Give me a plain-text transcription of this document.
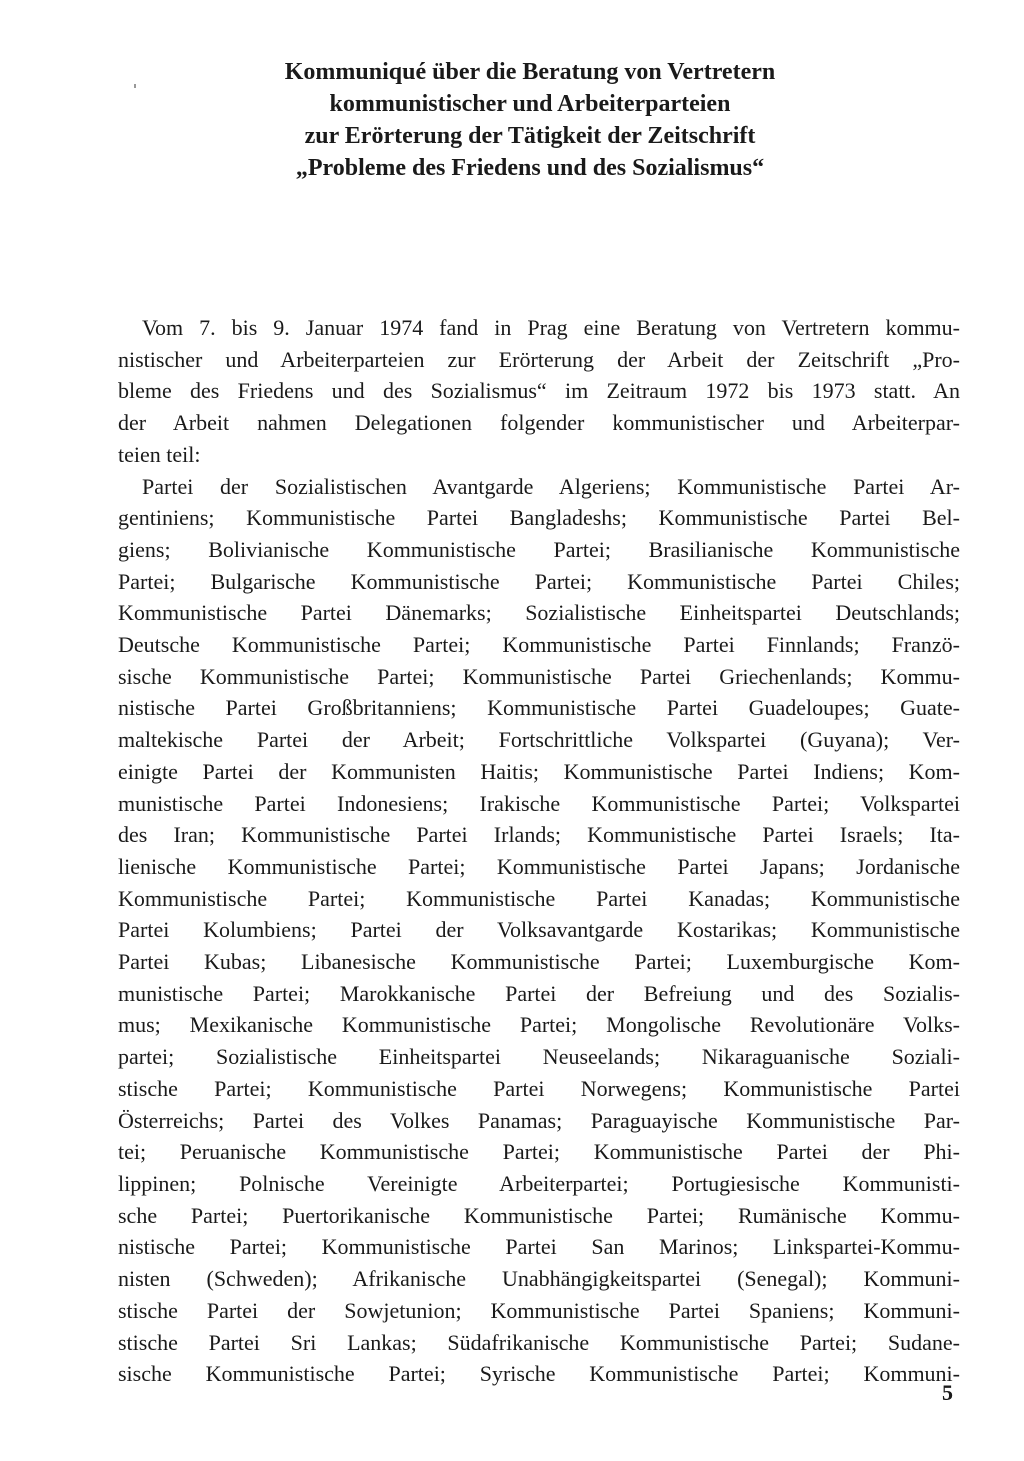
Kommuniqué über die Beratung von Vertretern
kommunistischer und Arbeiterparteien
zur Erörterung der Tätigkeit der Zeitschrift
„Probleme des Friedens und des Sozialismus“
Vom 7. bis 9. Januar 1974 fand in Prag eine Beratung von Vertretern kommu-
nistischer und Arbeiterparteien zur Erörterung der Arbeit der Zeitschrift „Pro-
bleme des Friedens und des Sozialismus“ im Zeitraum 1972 bis 1973 statt. An
der Arbeit nahmen Delegationen folgender kommunistischer und Arbeiterpar-
teien teil:
Partei der Sozialistischen Avantgarde Algeriens; Kommunistische Partei Ar-
gentiniens; Kommunistische Partei Bangladeshs; Kommunistische Partei Bel-
giens; Bolivianische Kommunistische Partei; Brasilianische Kommunistische
Partei; Bulgarische Kommunistische Partei; Kommunistische Partei Chiles;
Kommunistische Partei Dänemarks; Sozialistische Einheitspartei Deutschlands;
Deutsche Kommunistische Partei; Kommunistische Partei Finnlands; Franzö-
sische Kommunistische Partei; Kommunistische Partei Griechenlands; Kommu-
nistische Partei Großbritanniens; Kommunistische Partei Guadeloupes; Guate-
maltekische Partei der Arbeit; Fortschrittliche Volkspartei (Guyana); Ver-
einigte Partei der Kommunisten Haitis; Kommunistische Partei Indiens; Kom-
munistische Partei Indonesiens; Irakische Kommunistische Partei; Volkspartei
des Iran; Kommunistische Partei Irlands; Kommunistische Partei Israels; Ita-
lienische Kommunistische Partei; Kommunistische Partei Japans; Jordanische
Kommunistische Partei; Kommunistische Partei Kanadas; Kommunistische
Partei Kolumbiens; Partei der Volksavantgarde Kostarikas; Kommunistische
Partei Kubas; Libanesische Kommunistische Partei; Luxemburgische Kom-
munistische Partei; Marokkanische Partei der Befreiung und des Sozialis-
mus; Mexikanische Kommunistische Partei; Mongolische Revolutionäre Volks-
partei; Sozialistische Einheitspartei Neuseelands; Nikaraguanische Soziali-
stische Partei; Kommunistische Partei Norwegens; Kommunistische Partei
Österreichs; Partei des Volkes Panamas; Paraguayische Kommunistische Par-
tei; Peruanische Kommunistische Partei; Kommunistische Partei der Phi-
lippinen; Polnische Vereinigte Arbeiterpartei; Portugiesische Kommunisti-
sche Partei; Puertorikanische Kommunistische Partei; Rumänische Kommu-
nistische Partei; Kommunistische Partei San Marinos; Linkspartei-Kommu-
nisten (Schweden); Afrikanische Unabhängigkeitspartei (Senegal); Kommuni-
stische Partei der Sowjetunion; Kommunistische Partei Spaniens; Kommuni-
stische Partei Sri Lankas; Südafrikanische Kommunistische Partei; Sudane-
sische Kommunistische Partei; Syrische Kommunistische Partei; Kommuni-
5
